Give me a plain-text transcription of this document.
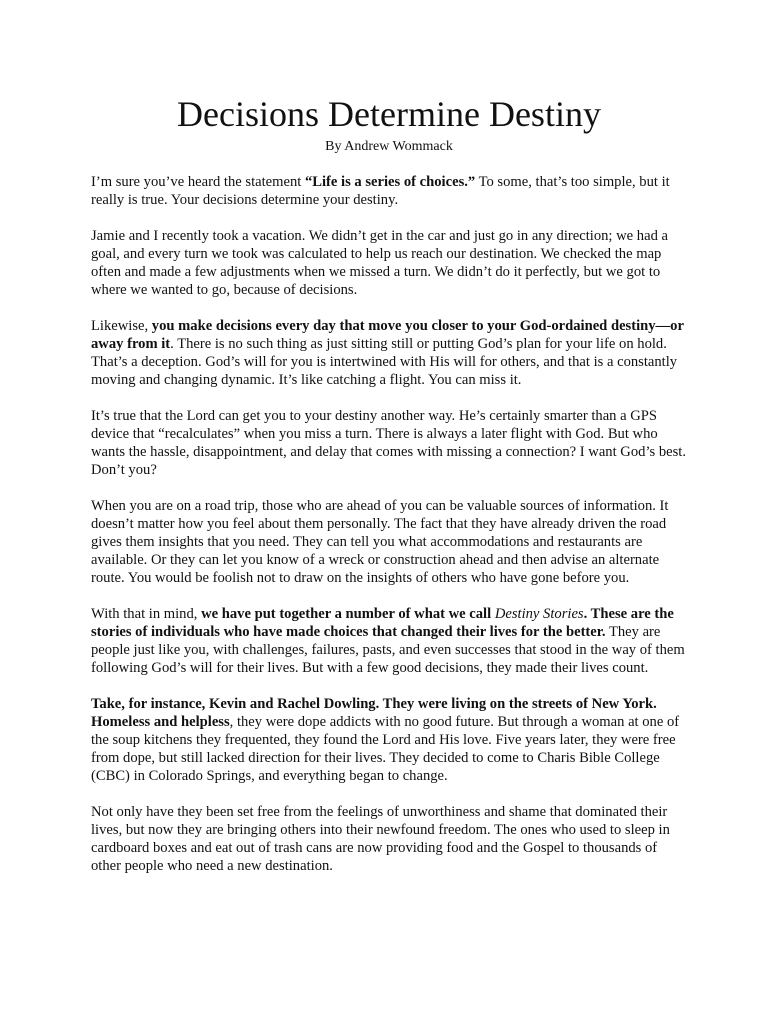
Decisions Determine Destiny
By Andrew Wommack

I’m sure you’ve heard the statement “Life is a series of choices.” To some, that’s too simple, but it really is true. Your decisions determine your destiny.

Jamie and I recently took a vacation. We didn’t get in the car and just go in any direction; we had a goal, and every turn we took was calculated to help us reach our destination. We checked the map often and made a few adjustments when we missed a turn. We didn’t do it perfectly, but we got to where we wanted to go, because of decisions.

Likewise, you make decisions every day that move you closer to your God-ordained destiny—or away from it. There is no such thing as just sitting still or putting God’s plan for your life on hold. That’s a deception. God’s will for you is intertwined with His will for others, and that is a constantly moving and changing dynamic. It’s like catching a flight. You can miss it.

It’s true that the Lord can get you to your destiny another way. He’s certainly smarter than a GPS device that “recalculates” when you miss a turn. There is always a later flight with God. But who wants the hassle, disappointment, and delay that comes with missing a connection? I want God’s best. Don’t you?

When you are on a road trip, those who are ahead of you can be valuable sources of information. It doesn’t matter how you feel about them personally. The fact that they have already driven the road gives them insights that you need. They can tell you what accommodations and restaurants are available. Or they can let you know of a wreck or construction ahead and then advise an alternate route. You would be foolish not to draw on the insights of others who have gone before you.

With that in mind, we have put together a number of what we call Destiny Stories. These are the stories of individuals who have made choices that changed their lives for the better. They are people just like you, with challenges, failures, pasts, and even successes that stood in the way of them following God’s will for their lives. But with a few good decisions, they made their lives count.

Take, for instance, Kevin and Rachel Dowling. They were living on the streets of New York. Homeless and helpless, they were dope addicts with no good future. But through a woman at one of the soup kitchens they frequented, they found the Lord and His love. Five years later, they were free from dope, but still lacked direction for their lives. They decided to come to Charis Bible College (CBC) in Colorado Springs, and everything began to change.

Not only have they been set free from the feelings of unworthiness and shame that dominated their lives, but now they are bringing others into their newfound freedom. The ones who used to sleep in cardboard boxes and eat out of trash cans are now providing food and the Gospel to thousands of other people who need a new destination.
